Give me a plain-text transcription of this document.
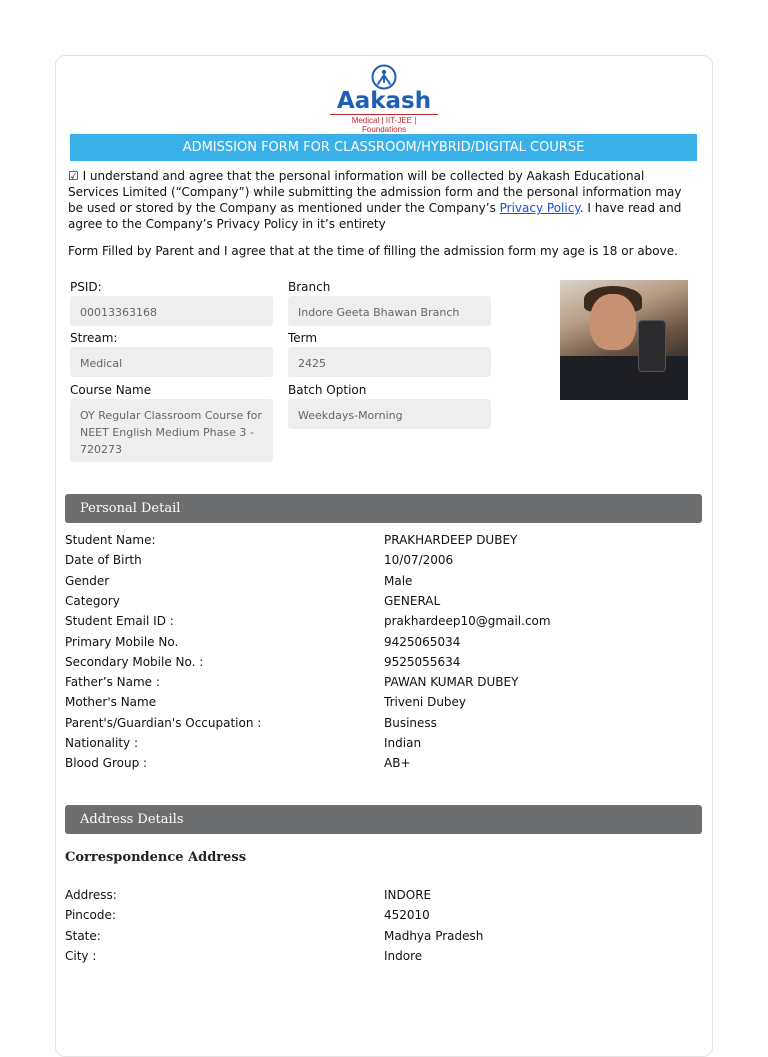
Aakash
Medical | IIT-JEE | Foundations
ADMISSION FORM FOR CLASSROOM/HYBRID/DIGITAL COURSE
☑ I understand and agree that the personal information will be collected by Aakash Educational Services Limited (“Company”) while submitting the admission form and the personal information may be used or stored by the Company as mentioned under the Company’s Privacy Policy. I have read and agree to the Company’s Privacy Policy in it’s entirety
Form Filled by Parent and I agree that at the time of filling the admission form my age is 18 or above.
PSID:
00013363168
Branch
Indore Geeta Bhawan Branch
Stream:
Medical
Term
2425
Course Name
OY Regular Classroom Course for NEET English Medium Phase 3 - 720273
Batch Option
Weekdays-Morning
Personal Detail
Student Name:	PRAKHARDEEP DUBEY
Date of Birth	10/07/2006
Gender	Male
Category	GENERAL
Student Email ID :	prakhardeep10@gmail.com
Primary Mobile No.	9425065034
Secondary Mobile No. :	9525055634
Father’s Name :	PAWAN KUMAR DUBEY
Mother's Name	Triveni Dubey
Parent's/Guardian's Occupation :	Business
Nationality :	Indian
Blood Group :	AB+
Address Details
Correspondence Address
Address:	INDORE
Pincode:	452010
State:	Madhya Pradesh
City :	Indore
